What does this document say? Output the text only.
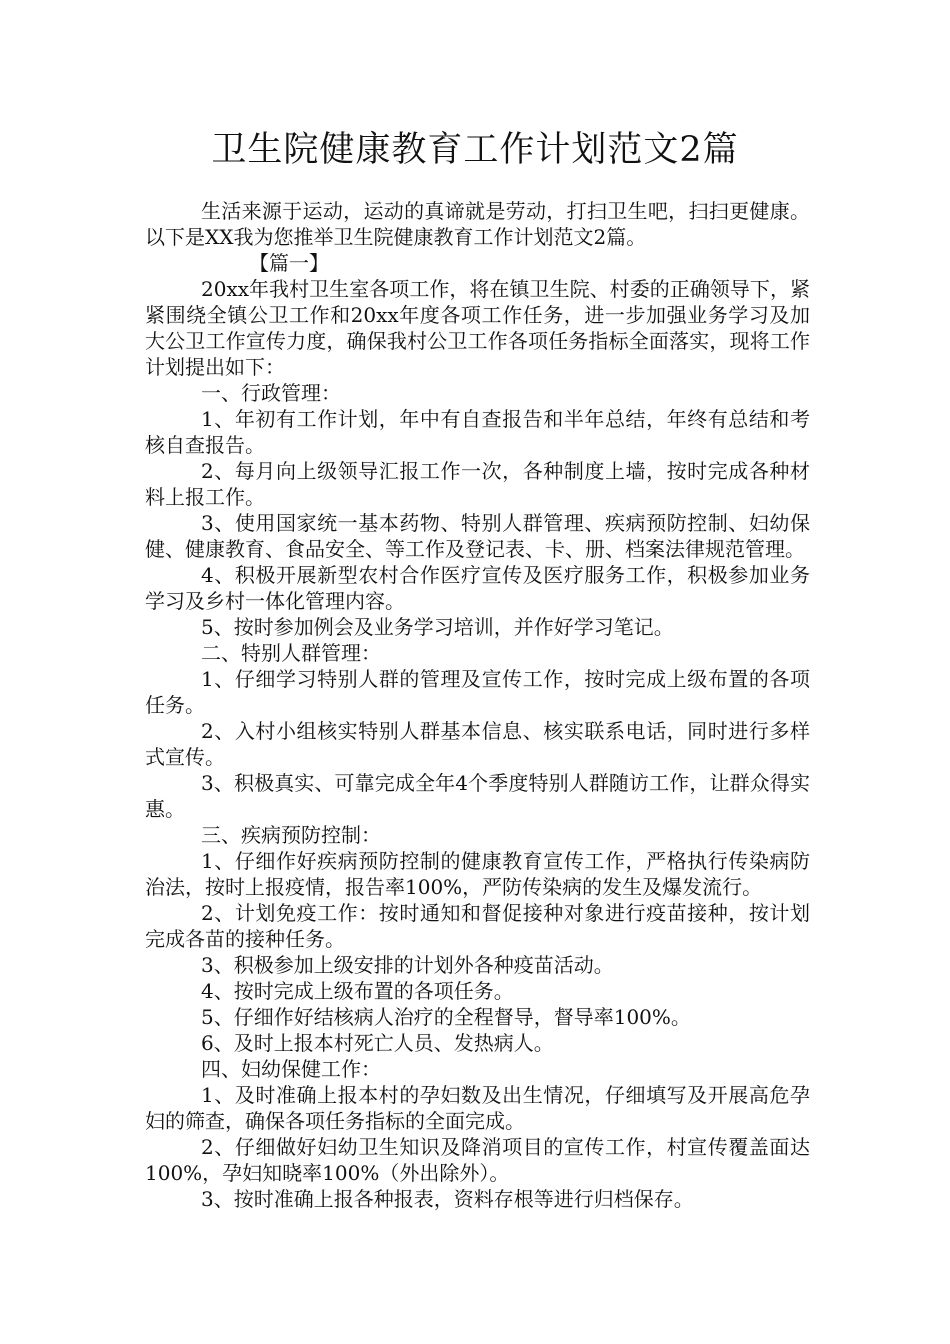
卫生院健康教育工作计划范文2篇

生活来源于运动，运动的真谛就是劳动，打扫卫生吧，扫扫更健康。以下是XX我为您推举卫生院健康教育工作计划范文2篇。

【篇一】

20xx年我村卫生室各项工作，将在镇卫生院、村委的正确领导下，紧紧围绕全镇公卫工作和20xx年度各项工作任务，进一步加强业务学习及加大公卫工作宣传力度，确保我村公卫工作各项任务指标全面落实，现将工作计划提出如下：

一、行政管理：

1、年初有工作计划，年中有自查报告和半年总结，年终有总结和考核自查报告。

2、每月向上级领导汇报工作一次，各种制度上墙，按时完成各种材料上报工作。

3、使用国家统一基本药物、特别人群管理、疾病预防控制、妇幼保健、健康教育、食品安全、等工作及登记表、卡、册、档案法律规范管理。

4、积极开展新型农村合作医疗宣传及医疗服务工作，积极参加业务学习及乡村一体化管理内容。

5、按时参加例会及业务学习培训，并作好学习笔记。

二、特别人群管理：

1、仔细学习特别人群的管理及宣传工作，按时完成上级布置的各项任务。

2、入村小组核实特别人群基本信息、核实联系电话，同时进行多样式宣传。

3、积极真实、可靠完成全年4个季度特别人群随访工作，让群众得实惠。

三、疾病预防控制：

1、仔细作好疾病预防控制的健康教育宣传工作，严格执行传染病防治法，按时上报疫情，报告率100%，严防传染病的发生及爆发流行。

2、计划免疫工作：按时通知和督促接种对象进行疫苗接种，按计划完成各苗的接种任务。

3、积极参加上级安排的计划外各种疫苗活动。

4、按时完成上级布置的各项任务。

5、仔细作好结核病人治疗的全程督导，督导率100%。

6、及时上报本村死亡人员、发热病人。

四、妇幼保健工作：

1、及时准确上报本村的孕妇数及出生情况，仔细填写及开展高危孕妇的筛查，确保各项任务指标的全面完成。

2、仔细做好妇幼卫生知识及降消项目的宣传工作，村宣传覆盖面达100%，孕妇知晓率100%（外出除外）。

3、按时准确上报各种报表，资料存根等进行归档保存。
